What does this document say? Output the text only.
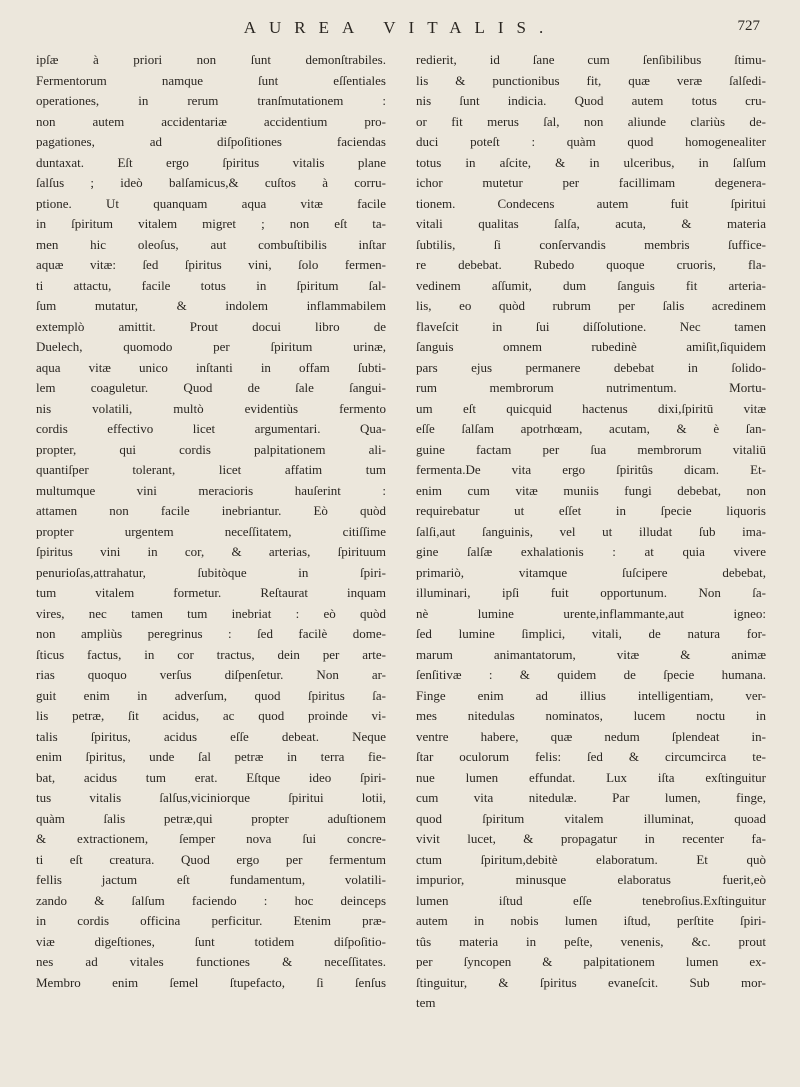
AUREA VITALIS.	727
ipſæ à priori non ſunt demonſtrabiles.
Fermentorum namque ſunt eſſentiales
operationes, in rerum tranſmutationem :
non autem accidentariæ accidentium pro-
pagationes, ad diſpoſitiones faciendas
duntaxat. Eſt ergo ſpiritus vitalis plane
ſalſus ; ideò balſamicus,& cuſtos à corru-
ptione. Ut quanquam aqua vitæ facile
in ſpiritum vitalem migret ; non eſt ta-
men hic oleoſus, aut combuſtibilis inſtar
aquæ vitæ: ſed ſpiritus vini, ſolo fermen-
ti attactu, facile totus in ſpiritum ſal-
ſum mutatur, & indolem inflammabilem
extemplò amittit. Prout docui libro de
Duelech, quomodo per ſpiritum urinæ,
aqua vitæ unico inſtanti in offam ſubti-
lem coaguletur. Quod de ſale ſangui-
nis volatili, multò evidentiùs fermento
cordis effectivo licet argumentari. Qua-
propter, qui cordis palpitationem ali-
quantiſper tolerant, licet affatim tum
multumque vini meracioris hauſerint :
attamen non facile inebriantur. Eò quòd
propter urgentem neceſſitatem, citiſſime
ſpiritus vini in cor, & arterias, ſpirituum
penurioſas,attrahatur, ſubitòque in ſpiri-
tum vitalem formetur. Reſtaurat inquam
vires, nec tamen tum inebriat : eò quòd
non ampliùs peregrinus : ſed facilè dome-
ſticus factus, in cor tractus, dein per arte-
rias quoquo verſus diſpenſetur. Non ar-
guit enim in adverſum, quod ſpiritus ſa-
lis petræ, ſit acidus, ac quod proinde vi-
talis ſpiritus, acidus eſſe debeat. Neque
enim ſpiritus, unde ſal petræ in terra fie-
bat, acidus tum erat. Eſtque ideo ſpiri-
tus vitalis ſalſus,viciniorque ſpiritui lotii,
quàm ſalis petræ,qui propter aduſtionem
& extractionem, ſemper nova ſui concre-
ti eſt creatura. Quod ergo per fermentum
fellis jactum eſt fundamentum, volatili-
zando & ſalſum faciendo : hoc deinceps
in cordis officina perficitur. Etenim præ-
viæ digeſtiones, ſunt totidem diſpoſitio-
nes ad vitales functiones & neceſſitates.
Membro enim ſemel ſtupefacto, ſi ſenſus
redierit, id ſane cum ſenſibilibus ſtimu-
lis & punctionibus fit, quæ veræ ſalſedi-
nis ſunt indicia. Quod autem totus cru-
or fit merus ſal, non aliunde clariùs de-
duci poteſt : quàm quod homogenealiter
totus in aſcite, & in ulceribus, in ſalſum
ichor mutetur per facillimam degenera-
tionem. Condecens autem fuit ſpiritui
vitali qualitas ſalſa, acuta, & materia
ſubtilis, ſi conſervandis membris ſuffice-
re debebat. Rubedo quoque cruoris, fla-
vedinem aſſumit, dum ſanguis fit arteria-
lis, eo quòd rubrum per ſalis acredinem
flaveſcit in ſui diſſolutione. Nec tamen
ſanguis omnem rubedinè amiſit,ſiquidem
pars ejus permanere debebat in ſolido-
rum membrorum nutrimentum. Mortu-
um eſt quicquid hactenus dixi,ſpiritū vitæ
eſſe ſalſam apotrhœam, acutam, & è ſan-
guine factam per ſua membrorum vitaliū
fermenta.De vita ergo ſpiritûs dicam. Et-
enim cum vitæ muniis fungi debebat, non
requirebatur ut eſſet in ſpecie liquoris
ſalſi,aut ſanguinis, vel ut illudat ſub ima-
gine ſalſæ exhalationis : at quia vivere
primariò, vitamque ſuſcipere debebat,
illuminari, ipſi fuit opportunum. Non ſa-
nè lumine urente,inflammante,aut igneo:
ſed lumine ſimplici, vitali, de natura for-
marum animantatorum, vitæ & animæ
ſenſitivæ : & quidem de ſpecie humana.
Finge enim ad illius intelligentiam, ver-
mes nitedulas nominatos, lucem noctu in
ventre habere, quæ nedum ſplendeat in-
ſtar oculorum felis: ſed & circumcirca te-
nue lumen effundat. Lux iſta exſtinguitur
cum vita nitedulæ. Par lumen, finge,
quod ſpiritum vitalem illuminat, quoad
vivit lucet, & propagatur in recenter fa-
ctum ſpiritum,debitè elaboratum. Et quò
impurior, minusque elaboratus fuerit,eò
lumen iſtud eſſe tenebroſius.Exſtinguitur
autem in nobis lumen iſtud, perſtite ſpiri-
tûs materia in peſte, venenis, &c. prout
per ſyncopen & palpitationem lumen ex-
ſtinguitur, & ſpiritus evaneſcit. Sub mor-
tem
